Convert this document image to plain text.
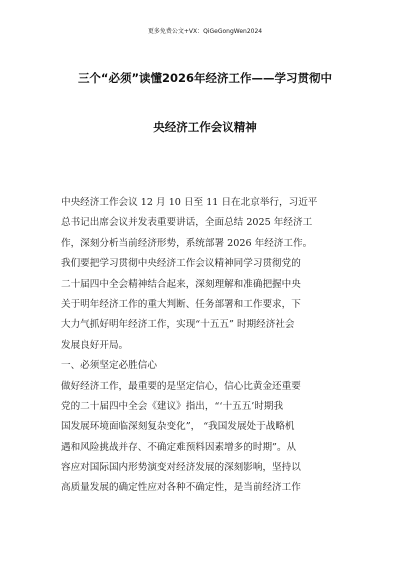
更多免费公文+VX：QiGeGongWen2024
三个“必须”读懂2026年经济工作——学习贯彻中
央经济工作会议精神
中央经济工作会议 12 月 10 日至 11 日在北京举行，习近平
总书记出席会议并发表重要讲话，全面总结 2025 年经济工
作，深刻分析当前经济形势，系统部署 2026 年经济工作。
我们要把学习贯彻中央经济工作会议精神同学习贯彻党的
二十届四中全会精神结合起来，深刻理解和准确把握中央
关于明年经济工作的重大判断、任务部署和工作要求，下
大力气抓好明年经济工作，实现“十五五” 时期经济社会
发展良好开局。
一、必须坚定必胜信心
做好经济工作，最重要的是坚定信心，信心比黄金还重要
党的二十届四中全会《建议》指出，“‘十五五’时期我
国发展环境面临深刻复杂变化”， “我国发展处于战略机
遇和风险挑战并存、不确定难预料因素增多的时期”。从
容应对国际国内形势演变对经济发展的深刻影响，坚持以
高质量发展的确定性应对各种不确定性，是当前经济工作
